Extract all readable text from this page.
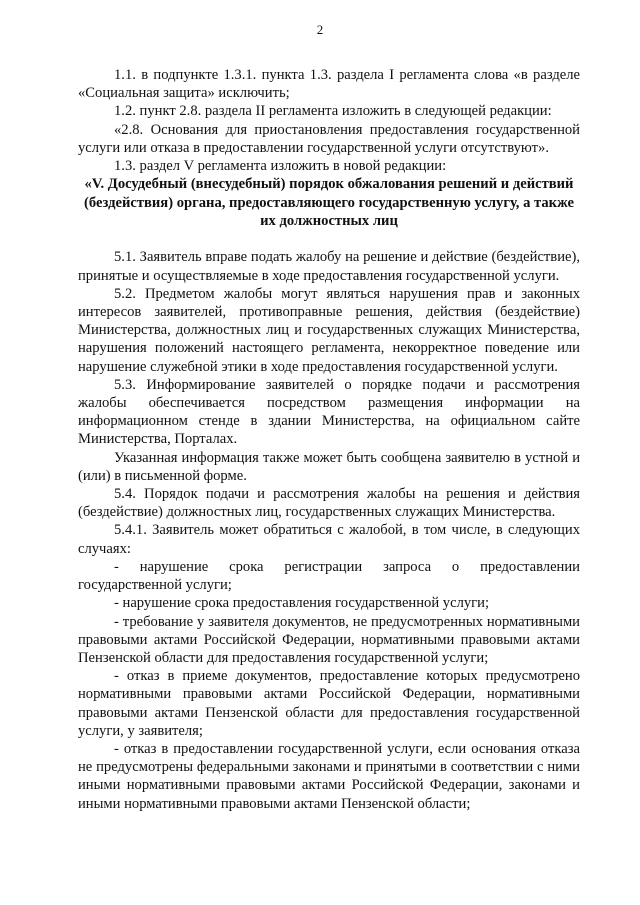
2

1.1. в подпункте 1.3.1. пункта 1.3. раздела I регламента слова «в разделе «Социальная защита» исключить;

1.2. пункт 2.8. раздела II регламента изложить в следующей редакции:

«2.8. Основания для приостановления предоставления государственной услуги или отказа в предоставлении государственной услуги отсутствуют».

1.3. раздел V регламента изложить в новой редакции:

«V. Досудебный (внесудебный) порядок обжалования решений и действий (бездействия) органа, предоставляющего государственную услугу, а также их должностных лиц

5.1. Заявитель вправе подать жалобу на решение и действие (бездействие), принятые и осуществляемые в ходе предоставления государственной услуги.

5.2. Предметом жалобы могут являться нарушения прав и законных интересов заявителей, противоправные решения, действия (бездействие) Министерства, должностных лиц и государственных служащих Министерства, нарушения положений настоящего регламента, некорректное поведение или нарушение служебной этики в ходе предоставления государственной услуги.

5.3. Информирование заявителей о порядке подачи и рассмотрения жалобы обеспечивается посредством размещения информации на информационном стенде в здании Министерства, на официальном сайте Министерства, Порталах.

Указанная информация также может быть сообщена заявителю в устной и (или) в письменной форме.

5.4. Порядок подачи и рассмотрения жалобы на решения и действия (бездействие) должностных лиц, государственных служащих Министерства.

5.4.1. Заявитель может обратиться с жалобой, в том числе, в следующих случаях:

- нарушение срока регистрации запроса о предоставлении государственной услуги;

- нарушение срока предоставления государственной услуги;

- требование у заявителя документов, не предусмотренных нормативными правовыми актами Российской Федерации, нормативными правовыми актами Пензенской области для предоставления государственной услуги;

- отказ в приеме документов, предоставление которых предусмотрено нормативными правовыми актами Российской Федерации, нормативными правовыми актами Пензенской области для предоставления государственной услуги, у заявителя;

- отказ в предоставлении государственной услуги, если основания отказа не предусмотрены федеральными законами и принятыми в соответствии с ними иными нормативными правовыми актами Российской Федерации, законами и иными нормативными правовыми актами Пензенской области;
